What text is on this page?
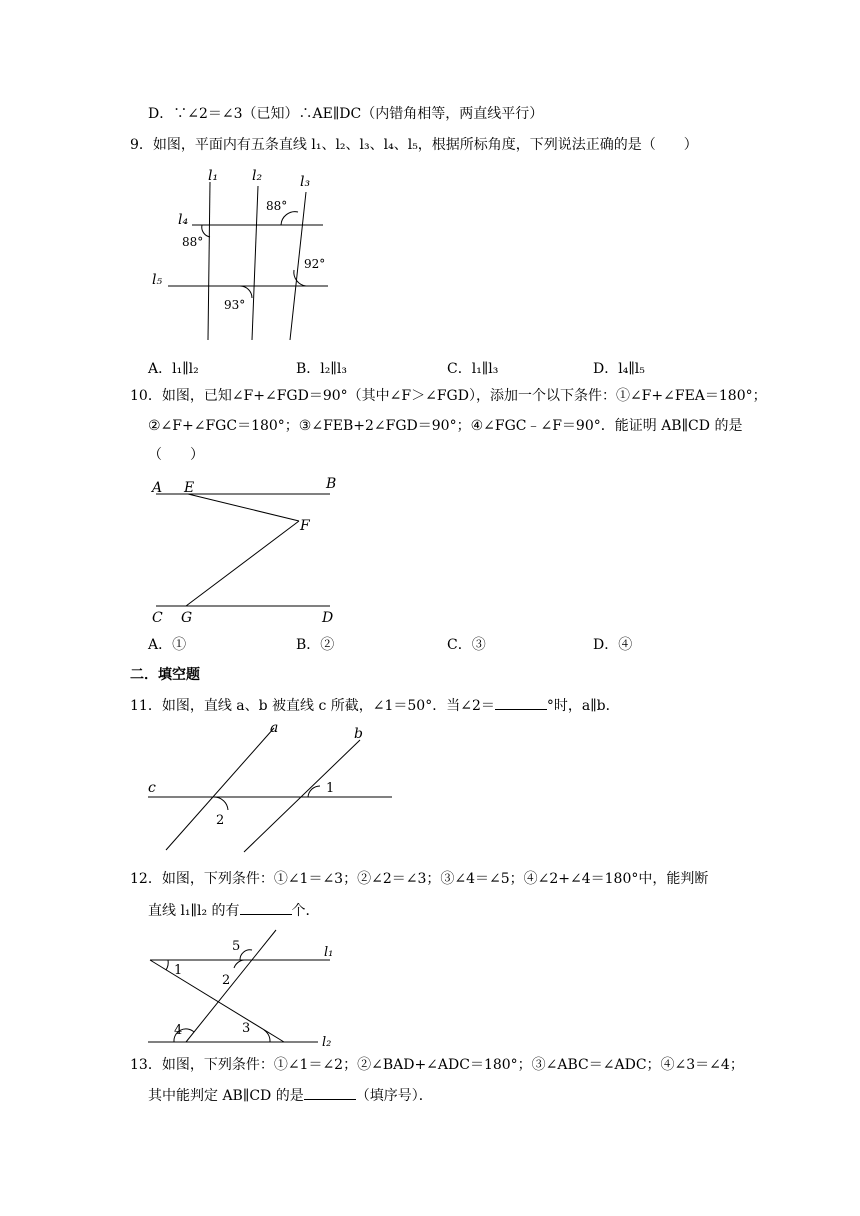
D．∵∠2＝∠3（已知）∴AE∥DC（内错角相等，两直线平行）
9．如图，平面内有五条直线 l₁、l₂、l₃、l₄、l₅，根据所标角度，下列说法正确的是（　　）
l₁ l₂	l₃
l₄
l₅
88°
88°
92°
93°
A．l₁∥l₂	B．l₂∥l₃	C．l₁∥l₃	D．l₄∥l₅
10．如图，已知∠F+∠FGD＝90°（其中∠F＞∠FGD），添加一个以下条件：①∠F+∠FEA＝180°；
②∠F+∠FGC＝180°；③∠FEB+2∠FGD＝90°；④∠FGC﹣∠F＝90°．能证明 AB∥CD 的是
（　　）
A E	B
F
C G	D
A．①	B．②	C．③	D．④
二．填空题
11．如图，直线 a、b 被直线 c 所截，∠1＝50°．当∠2＝	°时，a∥b．
a	b
c	1
2
12．如图，下列条件：①∠1＝∠3；②∠2＝∠3；③∠4＝∠5；④∠2+∠4＝180°中，能判断
直线 l₁∥l₂ 的有	个．
1
2
3
4
5	l₁
l₂
13．如图，下列条件：①∠1＝∠2；②∠BAD+∠ADC＝180°；③∠ABC＝∠ADC；④∠3＝∠4；
其中能判定 AB∥CD 的是	（填序号）．
